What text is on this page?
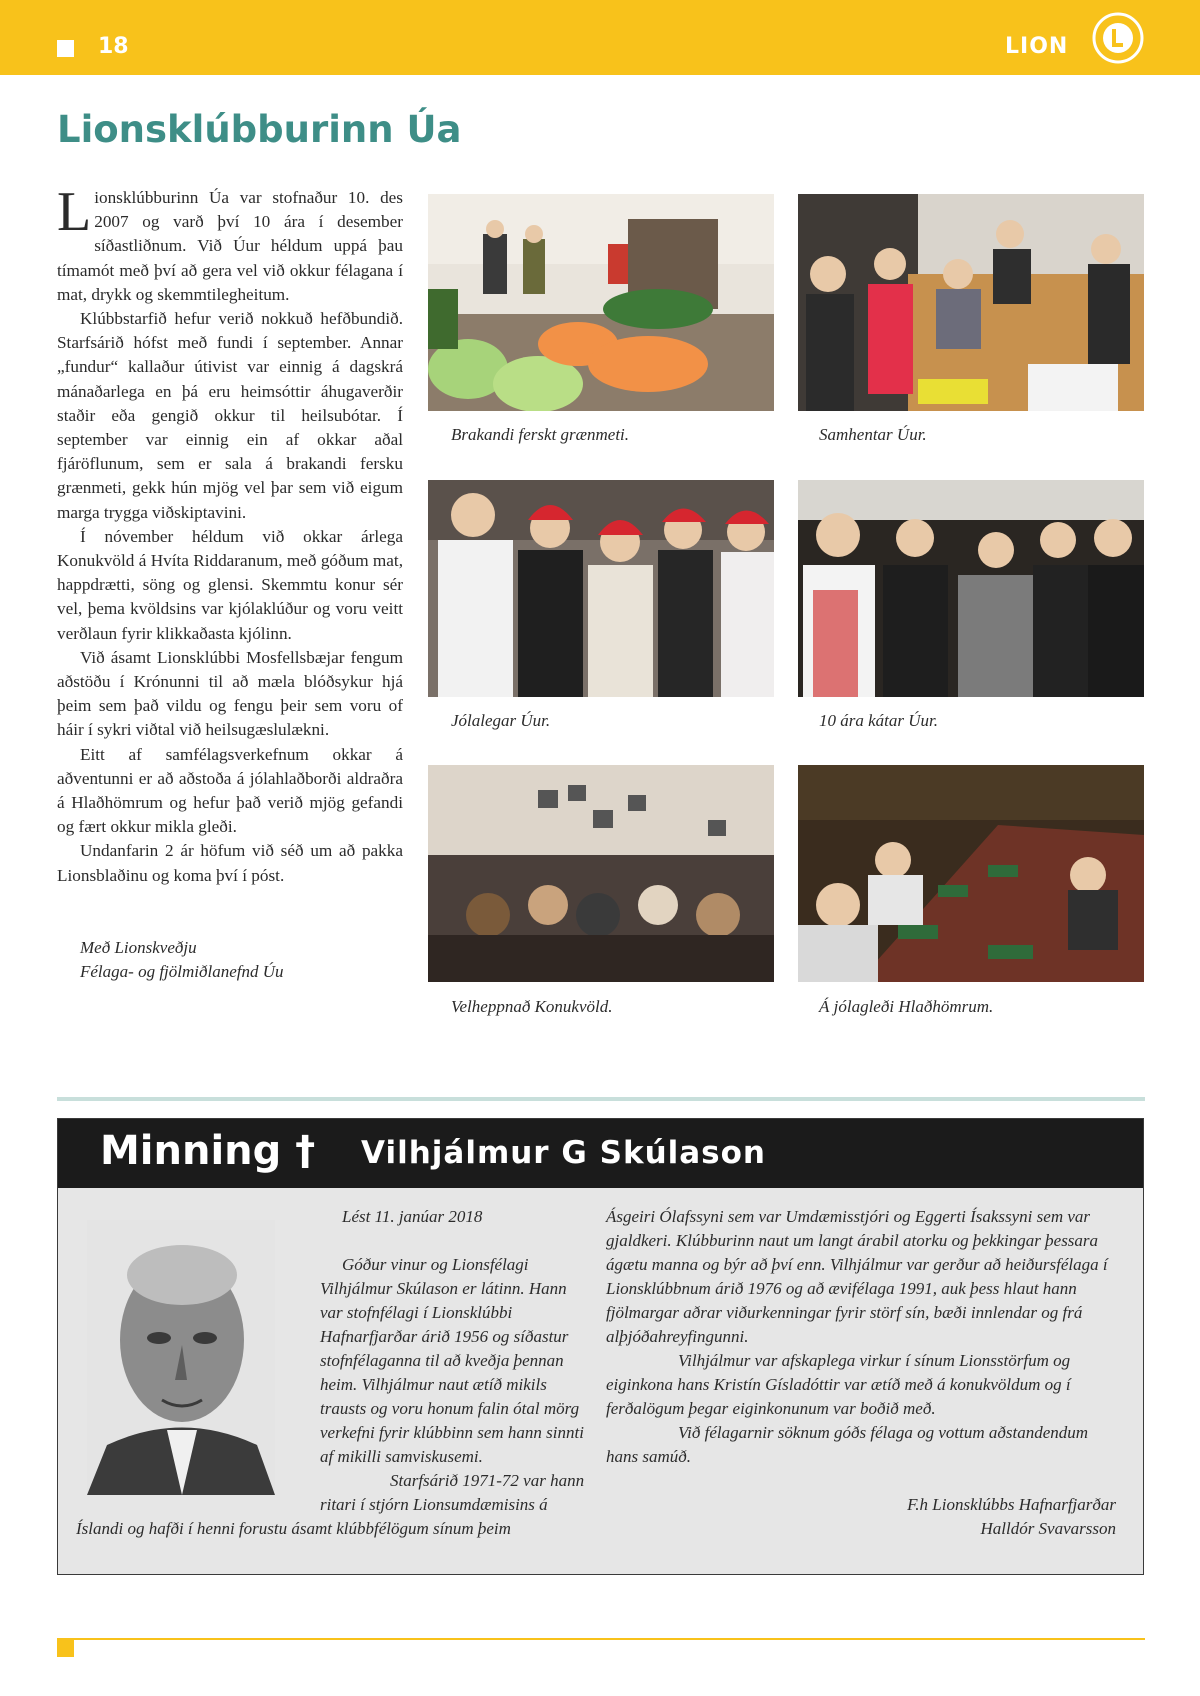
18	LION
Lionsklúbburinn Úa

Lionsklúbburinn Úa var stofnaður 10. des 2007 og varð því 10 ára í desember síðastliðnum. Við Úur héldum uppá þau tímamót með því að gera vel við okkur félagana í mat, drykk og skemmtilegheitum.

Klúbbstarfið hefur verið nokkuð hefðbundið. Starfsárið hófst með fundi í september. Annar „fundur“ kallaður útivist var einnig á dagskrá mánaðarlega en þá eru heimsóttir áhugaverðir staðir eða gengið okkur til heilsubótar. Í september var einnig ein af okkar aðal fjáröflunum, sem er sala á brakandi fersku grænmeti, gekk hún mjög vel þar sem við eigum marga trygga viðskiptavini.

Í nóvember héldum við okkar árlega Konukvöld á Hvíta Riddaranum, með góðum mat, happdrætti, söng og glensi. Skemmtu konur sér vel, þema kvöldsins var kjólaklúður og voru veitt verðlaun fyrir klikkaðasta kjólinn.

Við ásamt Lionsklúbbi Mosfellsbæjar fengum aðstöðu í Krónunni til að mæla blóðsykur hjá þeim sem það vildu og fengu þeir sem voru of háir í sykri viðtal við heilsugæslulækni.

Eitt af samfélagsverkefnum okkar á aðventunni er að aðstoða á jólahlaðborði aldraðra á Hlaðhömrum og hefur það verið mjög gefandi og fært okkur mikla gleði.

Undanfarin 2 ár höfum við séð um að pakka Lionsblaðinu og koma því í póst.

Með Lionskveðju
Félaga- og fjölmiðlanefnd Úu
Brakandi ferskt grænmeti.	Samhentar Úur.
Jólalegar Úur.	10 ára kátar Úur.
Velheppnað Konukvöld.	Á jólagleði Hlaðhömrum.
Minning † Vilhjálmur G Skúlason

Lést 11. janúar 2018

Góður vinur og Lionsfélagi

Vilhjálmur Skúlason er látinn. Hann

var stofnfélagi í Lionsklúbbi

Hafnarfjarðar árið 1956 og síðastur

stofnfélaganna til að kveðja þennan

heim. Vilhjálmur naut ætíð mikils

trausts og voru honum falin ótal mörg

verkefni fyrir klúbbinn sem hann sinnti

af mikilli samviskusemi.

Starfsárið 1971-72 var hann

ritari í stjórn Lionsumdæmisins á

Íslandi og hafði í henni forustu ásamt klúbbfélögum sínum þeim

Ásgeiri Ólafssyni sem var Umdæmisstjóri og Eggerti Ísakssyni sem var gjaldkeri. Klúbburinn naut um langt árabil atorku og þekkingar þessara ágætu manna og býr að því enn. Vilhjálmur var gerður að heiðursfélaga í Lionsklúbbnum árið 1976 og að ævifélaga 1991, auk þess hlaut hann fjölmargar aðrar viðurkenningar fyrir störf sín, bæði innlendar og frá alþjóðahreyfingunni.

Vilhjálmur var afskaplega virkur í sínum Lionsstörfum og eiginkona hans Kristín Gísladóttir var ætíð með á konukvöldum og í ferðalögum þegar eiginkonunum var boðið með.

Við félagarnir söknum góðs félaga og vottum aðstandendum hans samúð.

F.h Lionsklúbbs Hafnarfjarðar

Halldór Svavarsson
